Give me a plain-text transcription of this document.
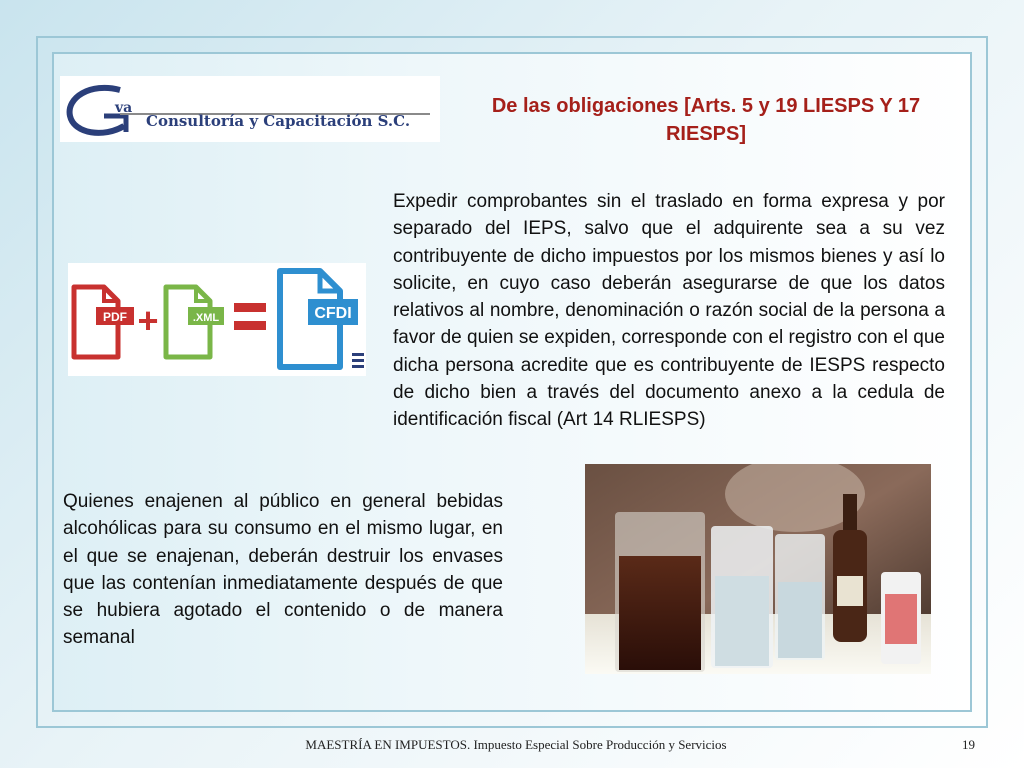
va
Consultoría y Capacitación S.C.
De las obligaciones [Arts. 5 y 19 LIESPS Y 17 RIESPS]
PDF +	.XML	CFDI
Expedir comprobantes sin el traslado en forma expresa y por separado del IEPS, salvo que el adquirente sea a su vez contribuyente de dicho impuestos por los mismos bienes y así lo solicite, en cuyo caso deberán asegurarse de que los datos relativos al nombre, denominación o razón social de la persona a favor de quien se expiden, corresponde con el registro con el que dicha persona acredite que es contribuyente de IESPS respecto de dicho bien a través del documento anexo a la cedula de identificación fiscal (Art 14 RLIESPS)
Quienes enajenen al público en general bebidas alcohólicas para su consumo en el mismo lugar, en el que se enajenan, deberán destruir los envases que las contenían inmediatamente después de que se hubiera agotado el contenido o de manera semanal
MAESTRÍA EN IMPUESTOS. Impuesto Especial Sobre Producción y Servicios	19
